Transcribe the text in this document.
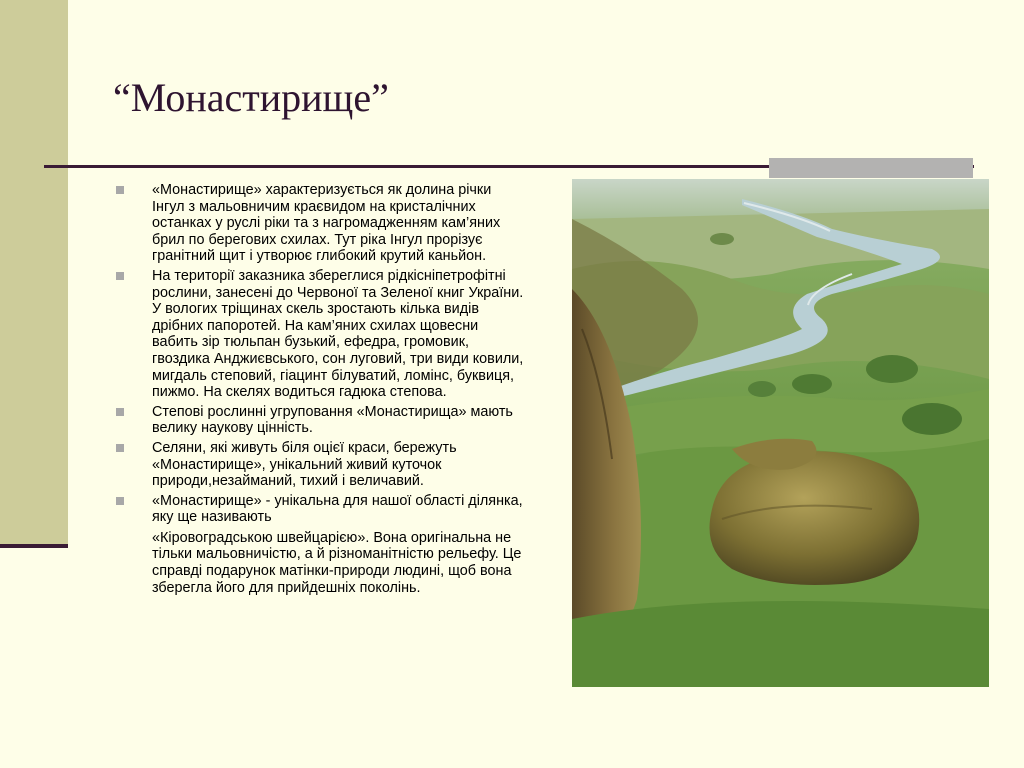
“Монастирище”
«Монастирище» характеризується як долина річки Інгул з мальовничим краєвидом на кристалічних останках у руслі ріки та з нагромадженням кам’яних брил по берегових схилах. Тут ріка Інгул прорізує гранітний щит і утворює глибокий крутий каньйон.
На території заказника збереглися рідкісніпетрофітні рослини, занесені до Червоної та Зеленої книг України. У вологих тріщинах скель зростають кілька видів дрібних папоротей. На кам’яних схилах щовесни вабить зір тюльпан бузький, ефедра, громовик, гвоздика Анджиєвського, сон луговий, три види ковили, мигдаль степовий, гіацинт білуватий, ломінс, буквиця, пижмо. На скелях водиться гадюка степова.
Степові рослинні угруповання «Монастирища» мають велику наукову цінність.
Селяни, які живуть біля оцієї краси, бережуть «Монастирище», унікальний живий куточок природи,незайманий, тихий і величавий.
«Монастирище» - унікальна для нашої області ділянка, яку ще називають
«Кіровоградською швейцарією». Вона оригінальна не тільки мальовничістю, а й різноманітністю рельефу. Це справді подарунок матінки-природи людині, щоб вона зберегла його для прийдешніх поколінь.
